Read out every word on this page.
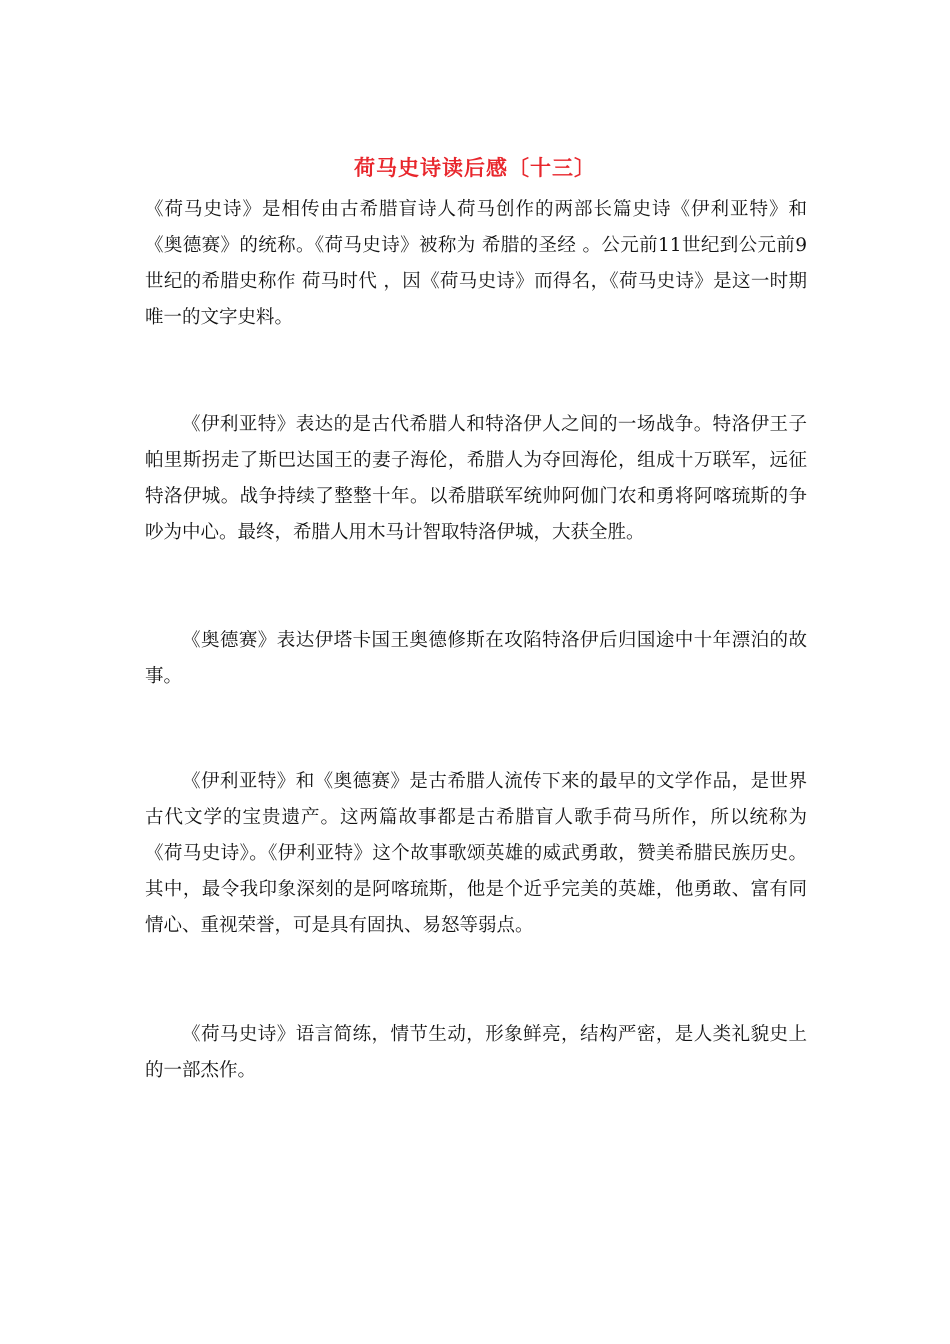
荷马史诗读后感〔十三〕

《荷马史诗》是相传由古希腊盲诗人荷马创作的两部长篇史诗《伊利亚特》和《奥德赛》的统称。《荷马史诗》被称为 希腊的圣经 。公元前11世纪到公元前9世纪的希腊史称作 荷马时代 ，因《荷马史诗》而得名，《荷马史诗》是这一时期唯一的文字史料。

《伊利亚特》表达的是古代希腊人和特洛伊人之间的一场战争。特洛伊王子帕里斯拐走了斯巴达国王的妻子海伦，希腊人为夺回海伦，组成十万联军，远征特洛伊城。战争持续了整整十年。以希腊联军统帅阿伽门农和勇将阿喀琉斯的争吵为中心。最终，希腊人用木马计智取特洛伊城，大获全胜。

《奥德赛》表达伊塔卡国王奥德修斯在攻陷特洛伊后归国途中十年漂泊的故事。

《伊利亚特》和《奥德赛》是古希腊人流传下来的最早的文学作品，是世界古代文学的宝贵遗产。这两篇故事都是古希腊盲人歌手荷马所作，所以统称为《荷马史诗》。《伊利亚特》这个故事歌颂英雄的威武勇敢，赞美希腊民族历史。其中，最令我印象深刻的是阿喀琉斯，他是个近乎完美的英雄，他勇敢、富有同情心、重视荣誉，可是具有固执、易怒等弱点。

《荷马史诗》语言简练，情节生动，形象鲜亮，结构严密，是人类礼貌史上的一部杰作。
